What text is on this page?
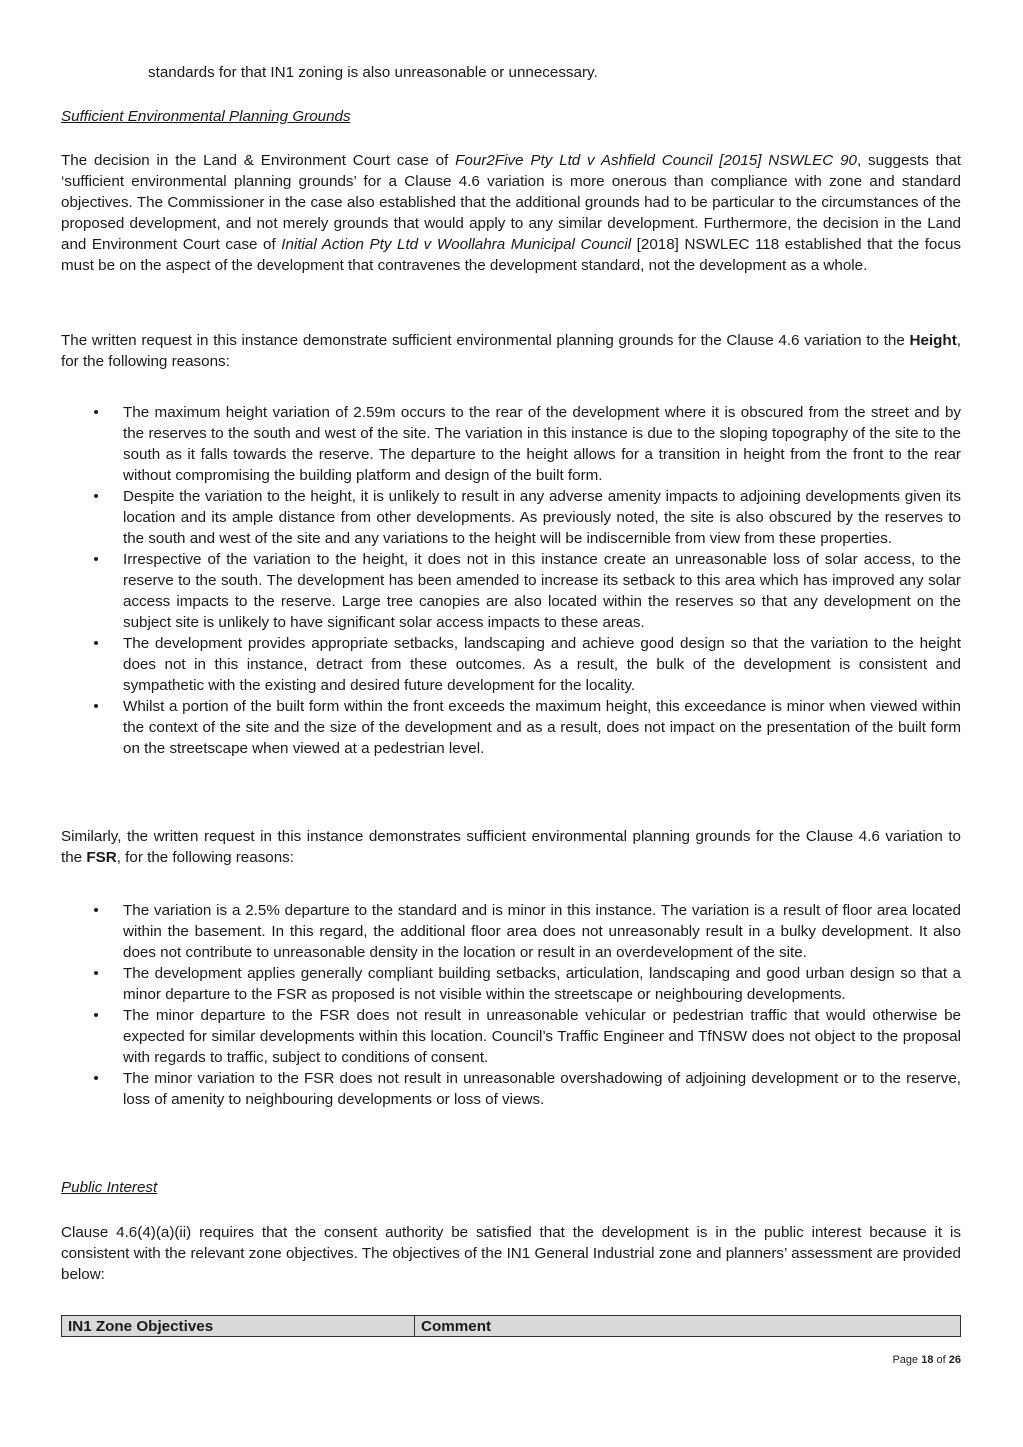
standards for that IN1 zoning is also unreasonable or unnecessary.
Sufficient Environmental Planning Grounds

The decision in the Land & Environment Court case of Four2Five Pty Ltd v Ashfield Council [2015] NSWLEC 90, suggests that ‘sufficient environmental planning grounds’ for a Clause 4.6 variation is more onerous than compliance with zone and standard objectives. The Commissioner in the case also established that the additional grounds had to be particular to the circumstances of the proposed development, and not merely grounds that would apply to any similar development. Furthermore, the decision in the Land and Environment Court case of Initial Action Pty Ltd v Woollahra Municipal Council [2018] NSWLEC 118 established that the focus must be on the aspect of the development that contravenes the development standard, not the development as a whole.

The written request in this instance demonstrate sufficient environmental planning grounds for the Clause 4.6 variation to the Height, for the following reasons:

• The maximum height variation of 2.59m occurs to the rear of the development where it is obscured from the street and by the reserves to the south and west of the site. The variation in this instance is due to the sloping topography of the site to the south as it falls towards the reserve. The departure to the height allows for a transition in height from the front to the rear without compromising the building platform and design of the built form.
• Despite the variation to the height, it is unlikely to result in any adverse amenity impacts to adjoining developments given its location and its ample distance from other developments. As previously noted, the site is also obscured by the reserves to the south and west of the site and any variations to the height will be indiscernible from view from these properties.
• Irrespective of the variation to the height, it does not in this instance create an unreasonable loss of solar access, to the reserve to the south. The development has been amended to increase its setback to this area which has improved any solar access impacts to the reserve. Large tree canopies are also located within the reserves so that any development on the subject site is unlikely to have significant solar access impacts to these areas.
• The development provides appropriate setbacks, landscaping and achieve good design so that the variation to the height does not in this instance, detract from these outcomes. As a result, the bulk of the development is consistent and sympathetic with the existing and desired future development for the locality.
• Whilst a portion of the built form within the front exceeds the maximum height, this exceedance is minor when viewed within the context of the site and the size of the development and as a result, does not impact on the presentation of the built form on the streetscape when viewed at a pedestrian level.

Similarly, the written request in this instance demonstrates sufficient environmental planning grounds for the Clause 4.6 variation to the FSR, for the following reasons:

• The variation is a 2.5% departure to the standard and is minor in this instance. The variation is a result of floor area located within the basement. In this regard, the additional floor area does not unreasonably result in a bulky development. It also does not contribute to unreasonable density in the location or result in an overdevelopment of the site.
• The development applies generally compliant building setbacks, articulation, landscaping and good urban design so that a minor departure to the FSR as proposed is not visible within the streetscape or neighbouring developments.
• The minor departure to the FSR does not result in unreasonable vehicular or pedestrian traffic that would otherwise be expected for similar developments within this location. Council’s Traffic Engineer and TfNSW does not object to the proposal with regards to traffic, subject to conditions of consent.
• The minor variation to the FSR does not result in unreasonable overshadowing of adjoining development or to the reserve, loss of amenity to neighbouring developments or loss of views.
Public Interest

Clause 4.6(4)(a)(ii) requires that the consent authority be satisfied that the development is in the public interest because it is consistent with the relevant zone objectives. The objectives of the IN1 General Industrial zone and planners’ assessment are provided below:

IN1 Zone Objectives	Comment
Page 18 of 26
